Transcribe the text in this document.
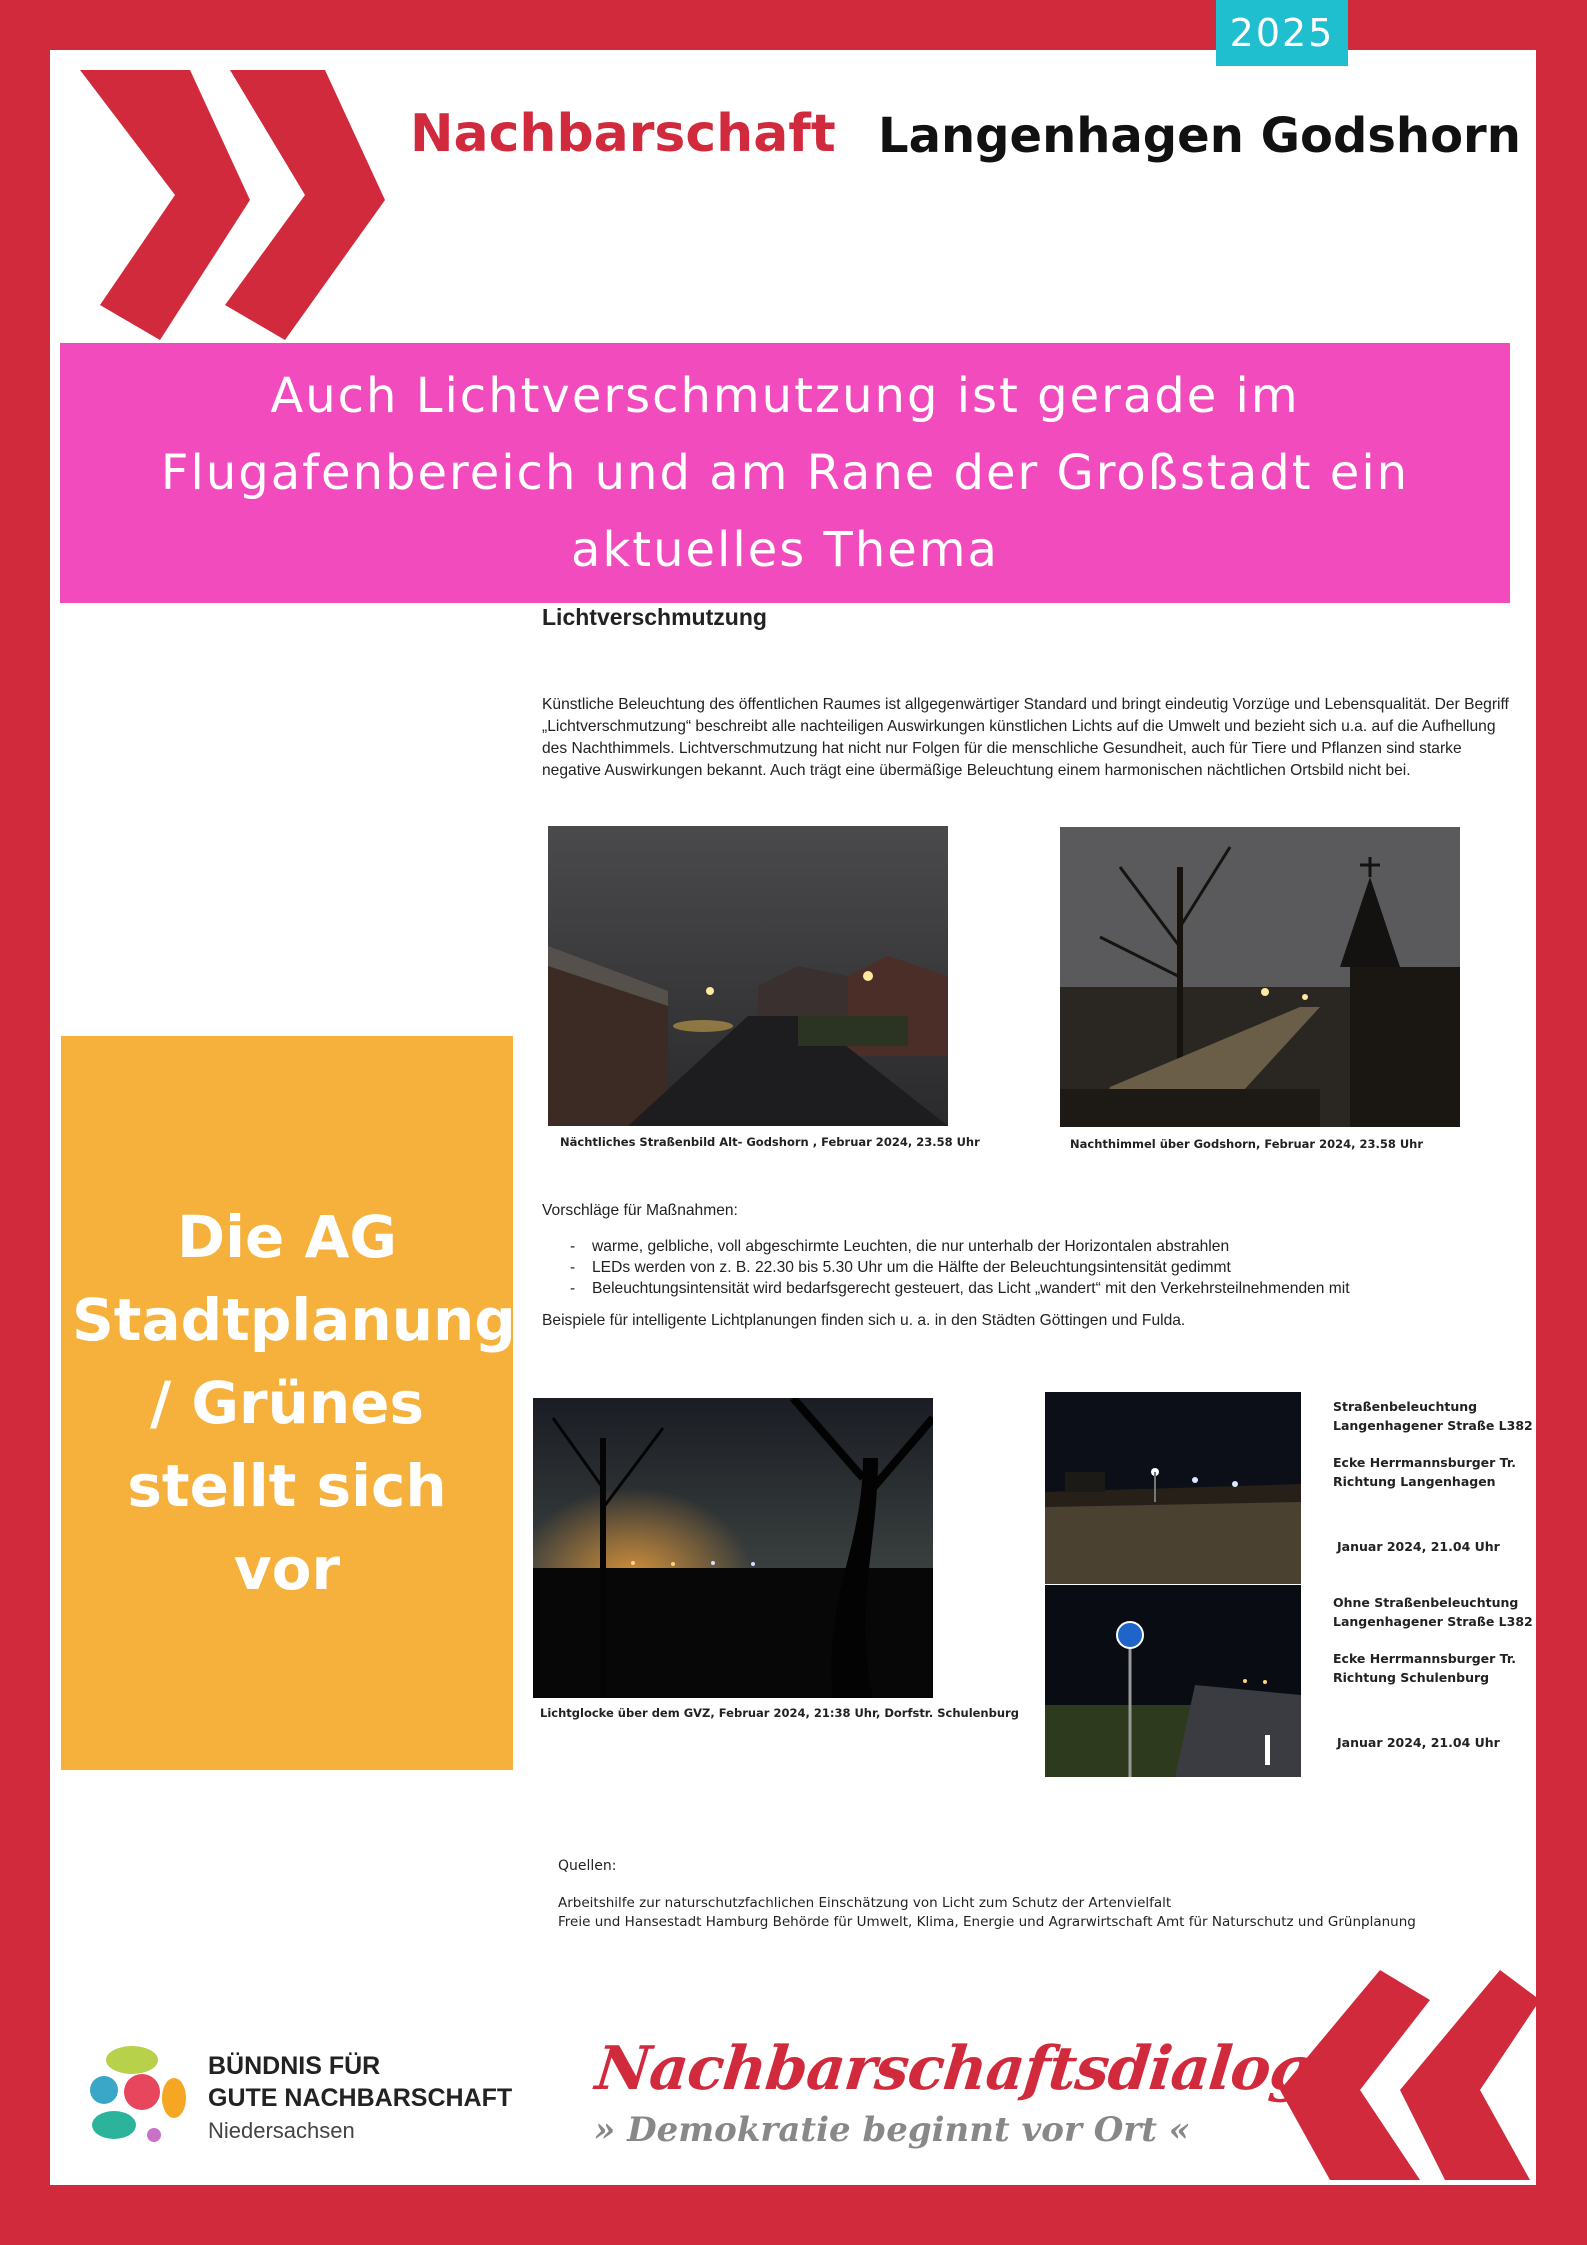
2025
Nachbarschaft Langenhagen Godshorn
Auch Lichtverschmutzung ist gerade im Flugafenbereich und am Rane der Großstadt ein aktuelles Thema
Die AG Stadtplanung / Grünes stellt sich vor
Lichtverschmutzung
Künstliche Beleuchtung des öffentlichen Raumes ist allgegenwärtiger Standard und bringt eindeutig Vorzüge und Lebensqualität. Der Begriff „Lichtverschmutzung“ beschreibt alle nachteiligen Auswirkungen künstlichen Lichts auf die Umwelt und bezieht sich u.a. auf die Aufhellung des Nachthimmels. Lichtverschmutzung hat nicht nur Folgen für die menschliche Gesundheit, auch für Tiere und Pflanzen sind starke negative Auswirkungen bekannt. Auch trägt eine übermäßige Beleuchtung einem harmonischen nächtlichen Ortsbild nicht bei.
Nächtliches Straßenbild Alt- Godshorn , Februar 2024, 23.58 Uhr	Nachthimmel über Godshorn, Februar 2024, 23.58 Uhr
Vorschläge für Maßnahmen:
- warme, gelbliche, voll abgeschirmte Leuchten, die nur unterhalb der Horizontalen abstrahlen
- LEDs werden von z. B. 22.30 bis 5.30 Uhr um die Hälfte der Beleuchtungsintensität gedimmt
- Beleuchtungsintensität wird bedarfsgerecht gesteuert, das Licht „wandert“ mit den Verkehrsteilnehmenden mit
Beispiele für intelligente Lichtplanungen finden sich u. a. in den Städten Göttingen und Fulda.
Lichtglocke über dem GVZ, Februar 2024, 21:38 Uhr, Dorfstr. Schulenburg
Straßenbeleuchtung
Langenhagener Straße L382
Ecke Herrmannsburger Tr.
Richtung Langenhagen
Januar 2024, 21.04 Uhr
Ohne Straßenbeleuchtung
Langenhagener Straße L382
Ecke Herrmannsburger Tr.
Richtung Schulenburg
Januar 2024, 21.04 Uhr
Quellen:
Arbeitshilfe zur naturschutzfachlichen Einschätzung von Licht zum Schutz der Artenvielfalt
Freie und Hansestadt Hamburg Behörde für Umwelt, Klima, Energie und Agrarwirtschaft Amt für Naturschutz und Grünplanung
BÜNDNIS FÜR
GUTE NACHBARSCHAFT
Niedersachsen
Nachbarschaftsdialoge
» Demokratie beginnt vor Ort «
